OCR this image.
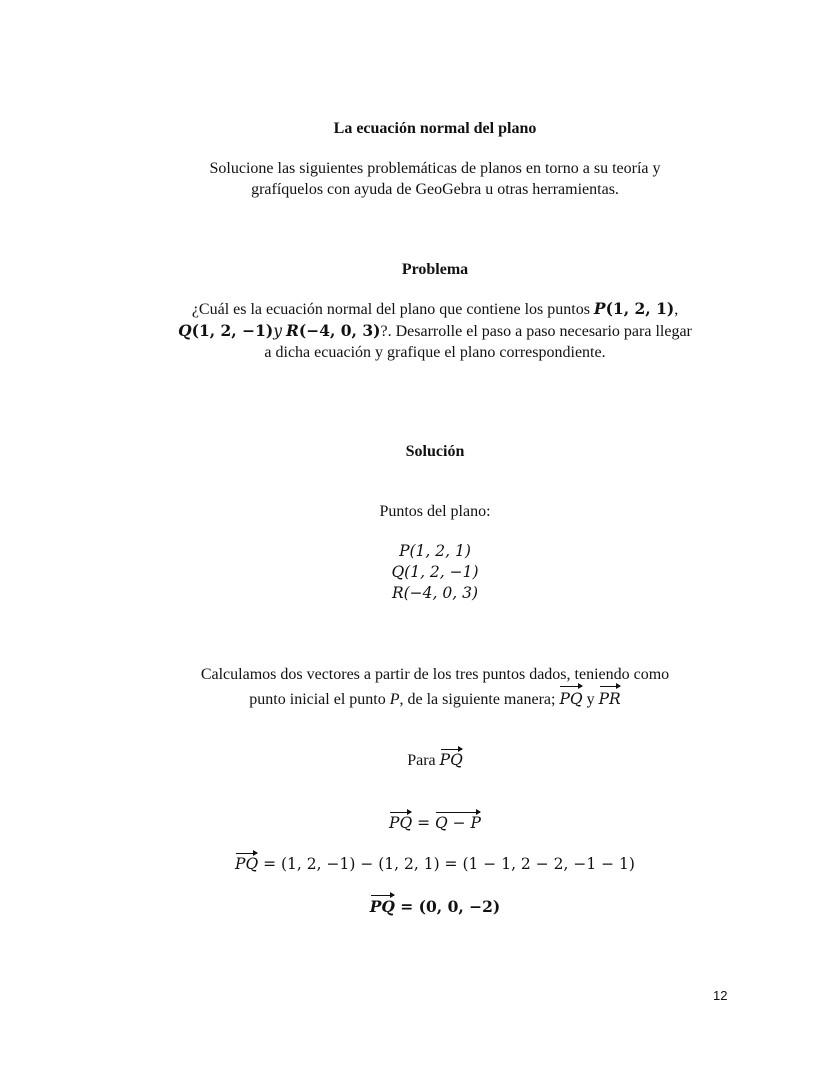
La ecuación normal del plano
Solucione las siguientes problemáticas de planos en torno a su teoría y
grafíquelos con ayuda de GeoGebra u otras herramientas.
Problema
¿Cuál es la ecuación normal del plano que contiene los puntos P(1, 2, 1),
Q(1, 2, −1)y R(−4, 0, 3)?. Desarrolle el paso a paso necesario para llegar
a dicha ecuación y grafique el plano correspondiente.
Solución
Puntos del plano:
P(1, 2, 1)
Q(1, 2, −1)
R(−4, 0, 3)
Calculamos dos vectores a partir de los tres puntos dados, teniendo como
punto inicial el punto P, de la siguiente manera; PQ y PR
Para PQ
PQ = Q − P
PQ = (1, 2, −1) − (1, 2, 1) = (1 − 1, 2 − 2, −1 − 1)
PQ = (0, 0, −2)
12
